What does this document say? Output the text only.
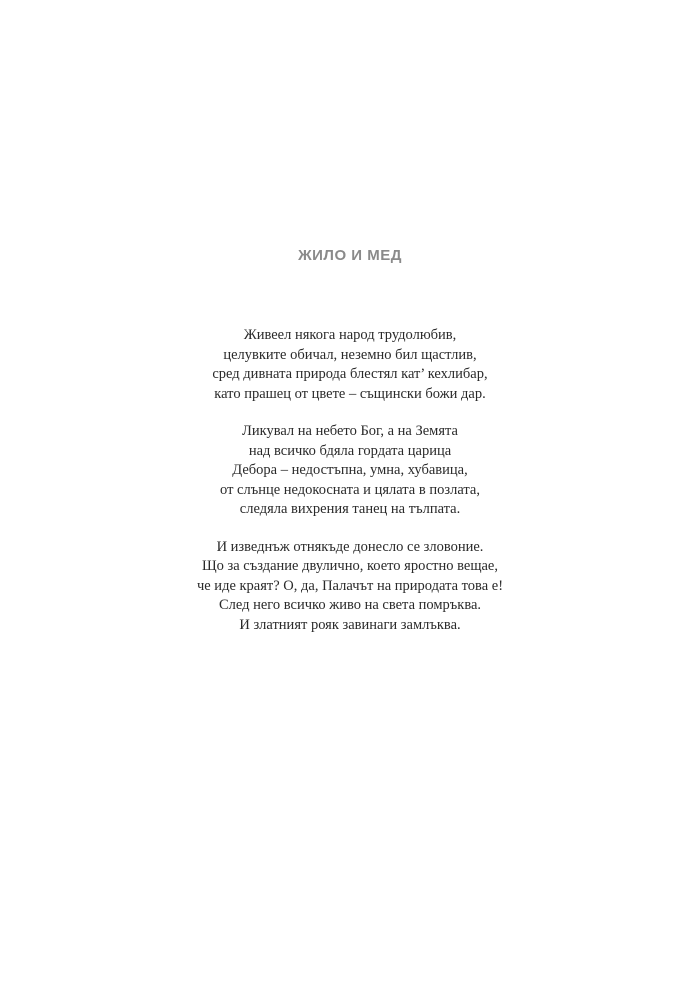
ЖИЛО И МЕД
Живеел някога народ трудолюбив,
целувките обичал, неземно бил щастлив,
сред дивната природа блестял кат’ кехлибар,
като прашец от цвете – същински божи дар.
Ликувал на небето Бог, а на Земята
над всичко бдяла гордата царица
Дебора – недостъпна, умна, хубавица,
от слънце недокосната и цялата в позлата,
следяла вихрения танец на тълпата.
И изведнъж отнякъде донесло се зловоние.
Що за създание двулично, което яростно вещае,
че иде краят? О, да, Палачът на природата това е!
След него всичко живо на света помръква.
И златният рояк завинаги замлъква.
